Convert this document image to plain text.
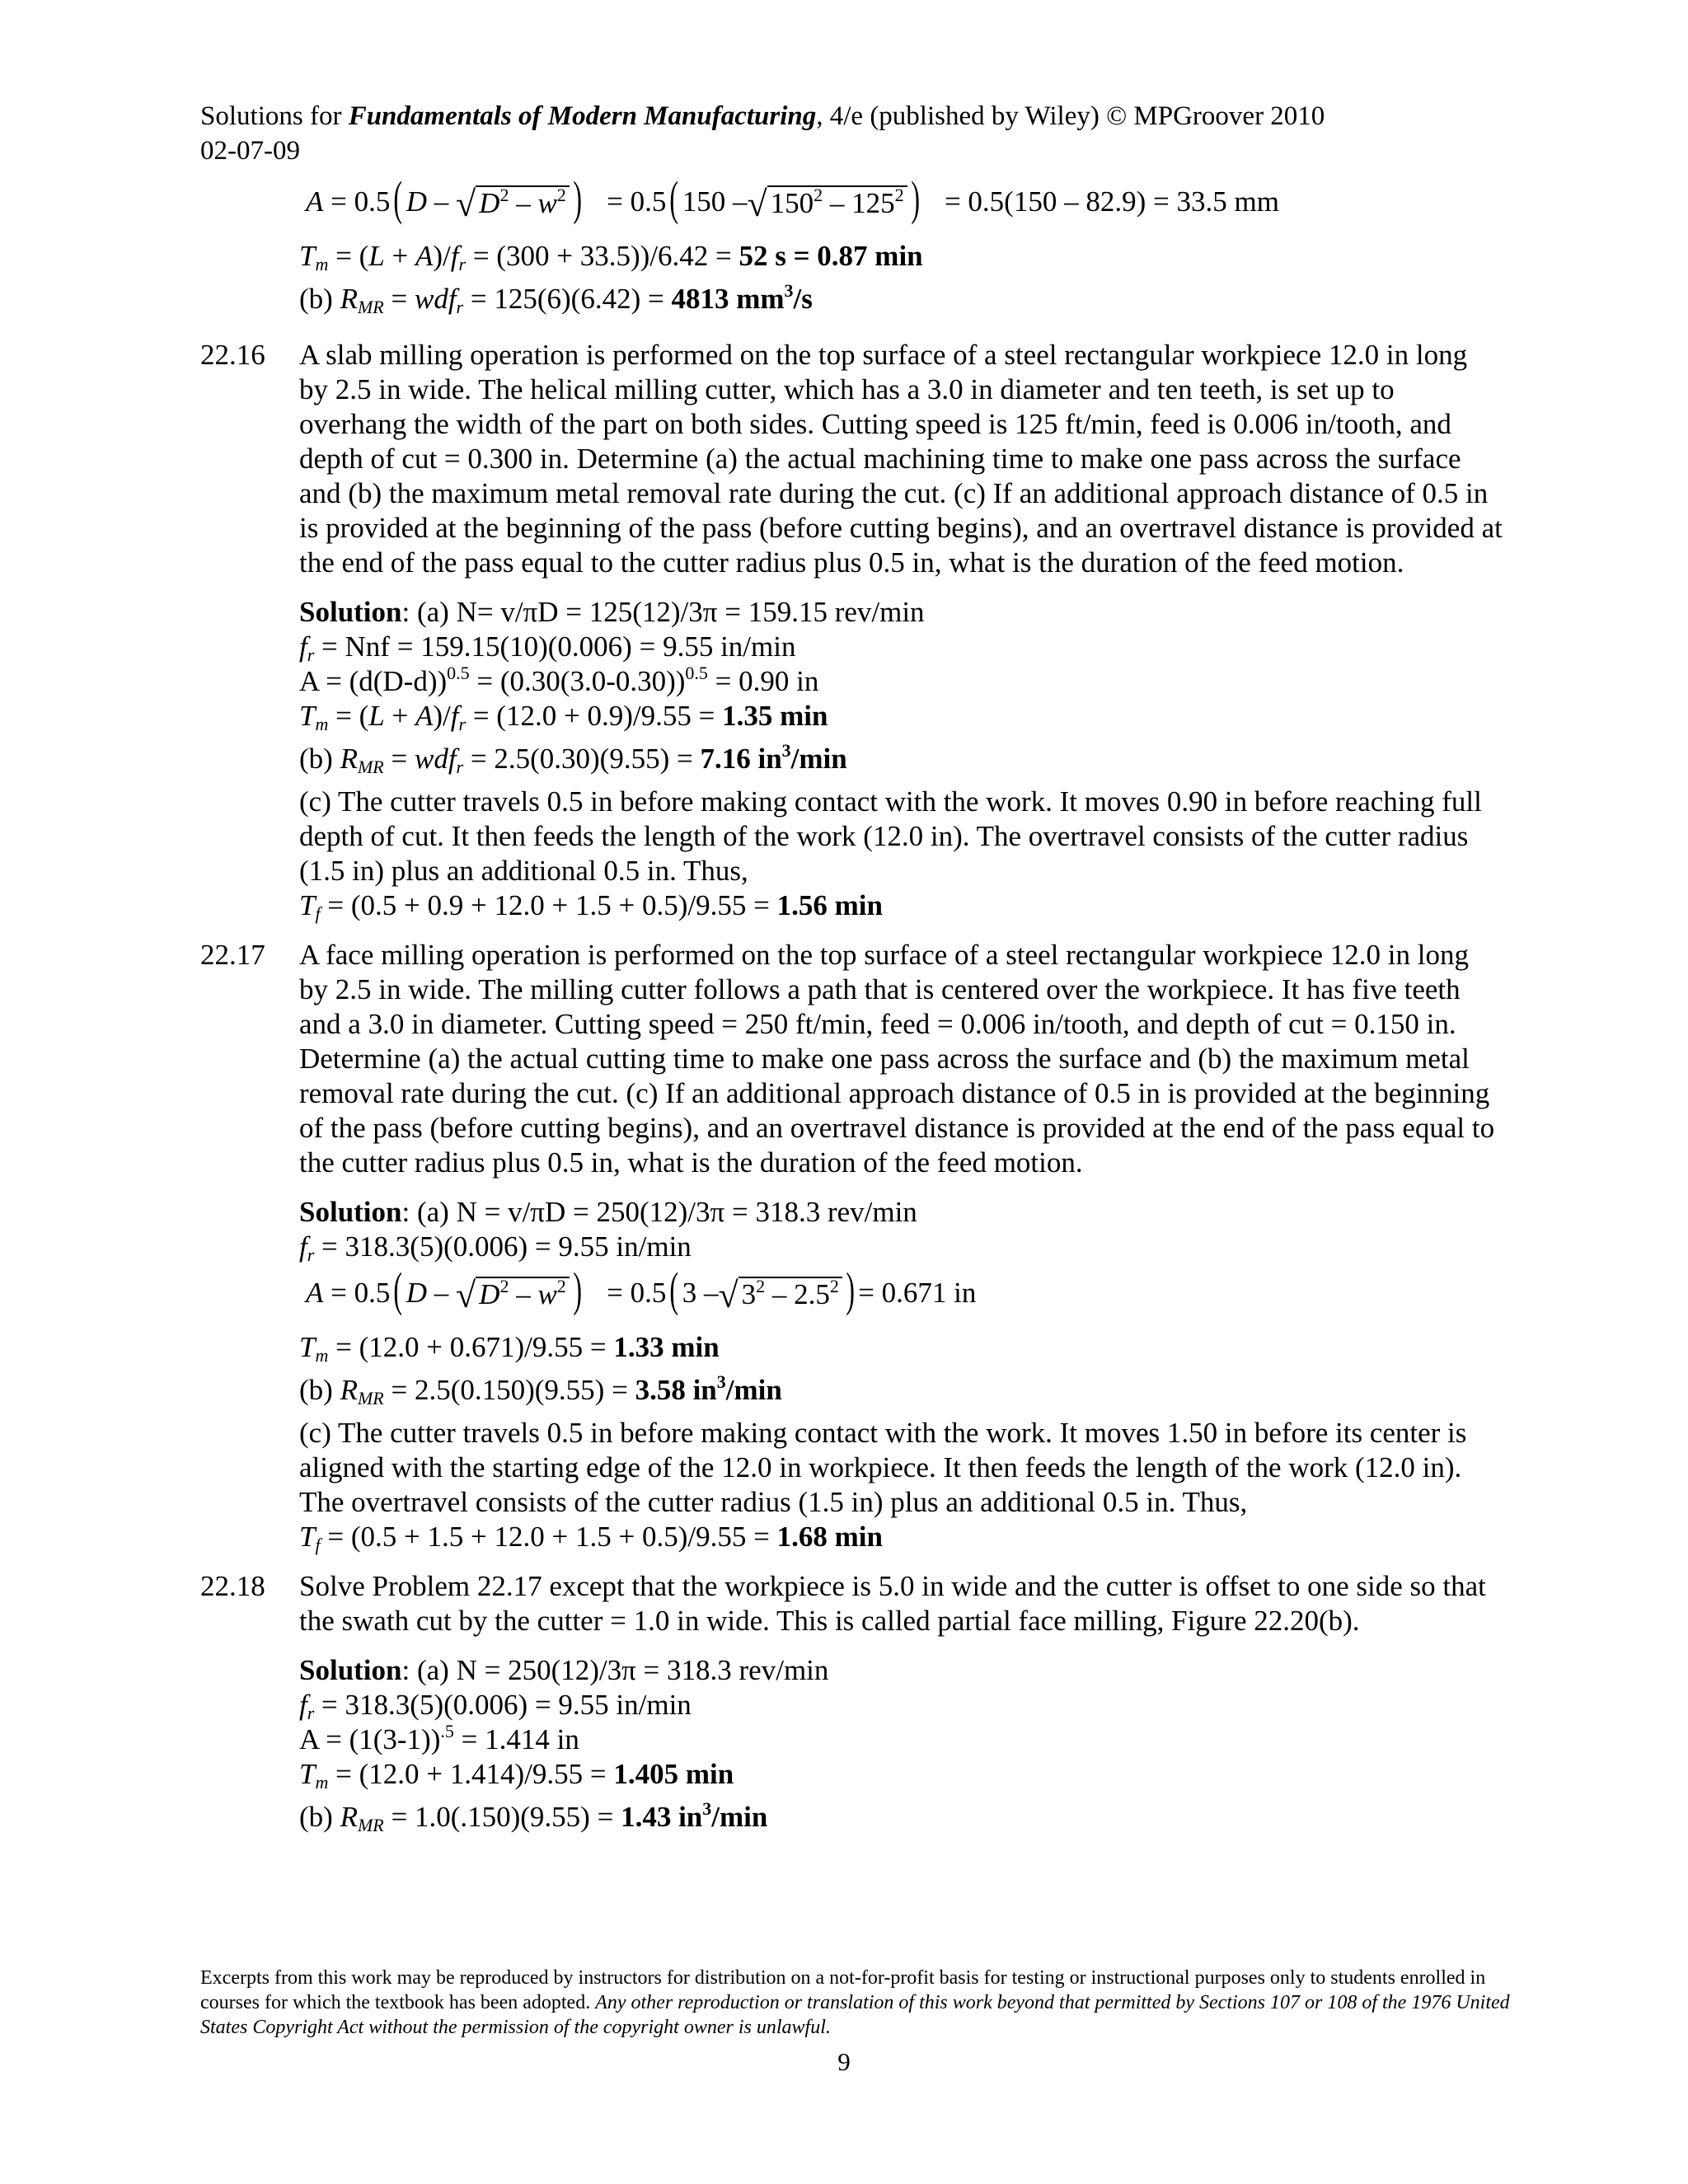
Solutions for Fundamentals of Modern Manufacturing, 4/e (published by Wiley) © MPGroover 2010
02-07-09
A
= 0.5 ( D – √ $D^2 - w^2$ ) = 0.5 ( 150 – √ $150^2 - 125^2$ ) = 0.5(150 – 82.9) = 33.5 mm
$T_m = (L + A)/f_r = (300 + 33.5))/6.42 = 52$ s = 0.87 min
(b) $R_{MR} = wdf_r = 125(6)(6.42) = 4813$ $mm^3/s$
22.16	A slab milling operation is performed on the top surface of a steel rectangular workpiece 12.0 in long by 2.5 in wide. The helical milling cutter, which has a 3.0 in diameter and ten teeth, is set up to overhang the width of the part on both sides. Cutting speed is 125 ft/min, feed is 0.006 in/tooth, and depth of cut = 0.300 in. Determine (a) the actual machining time to make one pass across the surface and (b) the maximum metal removal rate during the cut. (c) If an additional approach distance of 0.5 in is provided at the beginning of the pass (before cutting begins), and an overtravel distance is provided at the end of the pass equal to the cutter radius plus 0.5 in, what is the duration of the feed motion.
Solution: (a) N= v/πD = 125(12)/3π = 159.15 rev/min
$f_r$ = Nnf = 159.15(10)(0.006) = 9.55 in/min
$A = (d(D-d))^{0.5} = (0.30(3.0-0.30))^{0.5} = 0.90$ in
$T_m = (L + A)/f_r = (12.0 + 0.9)/9.55 = 1.35$ min
(b) $R_{MR} = wdf_r = 2.5(0.30)(9.55) = 7.16$ $in^3/\min$
(c) The cutter travels 0.5 in before making contact with the work. It moves 0.90 in before reaching full depth of cut. It then feeds the length of the work (12.0 in). The overtravel consists of the cutter radius (1.5 in) plus an additional 0.5 in. Thus,
$T_f = (0.5 + 0.9 + 12.0 + 1.5 + 0.5)/9.55 = 1.56$ min
22.17	A face milling operation is performed on the top surface of a steel rectangular workpiece 12.0 in long by 2.5 in wide. The milling cutter follows a path that is centered over the workpiece. It has five teeth and a 3.0 in diameter. Cutting speed = 250 ft/min, feed = 0.006 in/tooth, and depth of cut = 0.150 in. Determine (a) the actual cutting time to make one pass across the surface and (b) the maximum metal removal rate during the cut. (c) If an additional approach distance of 0.5 in is provided at the beginning of the pass (before cutting begins), and an overtravel distance is provided at the end of the pass equal to the cutter radius plus 0.5 in, what is the duration of the feed motion.
Solution: (a) N = v/πD = 250(12)/3π = 318.3 rev/min
$f_r = 318.3(5)(0.006) = 9.55$ in/min
A
= 0.5 ( D – √ $D^2 - w^2$ ) = 0.5 ( 3 – √ $3^2 - 2.5^2$ ) = 0.671 in
$T_m = (12.0 + 0.671)/9.55 = 1.33$ min
(b) $R_{MR} = 2.5(0.150)(9.55) = 3.58$ $in^3/\min$
(c) The cutter travels 0.5 in before making contact with the work. It moves 1.50 in before its center is aligned with the starting edge of the 12.0 in workpiece. It then feeds the length of the work (12.0 in). The overtravel consists of the cutter radius (1.5 in) plus an additional 0.5 in. Thus,
$T_f = (0.5 + 1.5 + 12.0 + 1.5 + 0.5)/9.55 = 1.68$ min
22.18	Solve Problem 22.17 except that the workpiece is 5.0 in wide and the cutter is offset to one side so that the swath cut by the cutter = 1.0 in wide. This is called partial face milling, Figure 22.20(b).
Solution: (a) N = 250(12)/3π = 318.3 rev/min
$f_r = 318.3(5)(0.006) = 9.55$ in/min
$A = (1(3-1))^{.5} = 1.414$ in
$T_m = (12.0 + 1.414)/9.55 = 1.405$ min
(b) $R_{MR} = 1.0(.150)(9.55) = 1.43$ $in^3/\min$
Excerpts from this work may be reproduced by instructors for distribution on a not-for-profit basis for testing or instructional purposes only to students enrolled in courses for which the textbook has been adopted. Any other reproduction or translation of this work beyond that permitted by Sections 107 or 108 of the 1976 United States Copyright Act without the permission of the copyright owner is unlawful.
9
